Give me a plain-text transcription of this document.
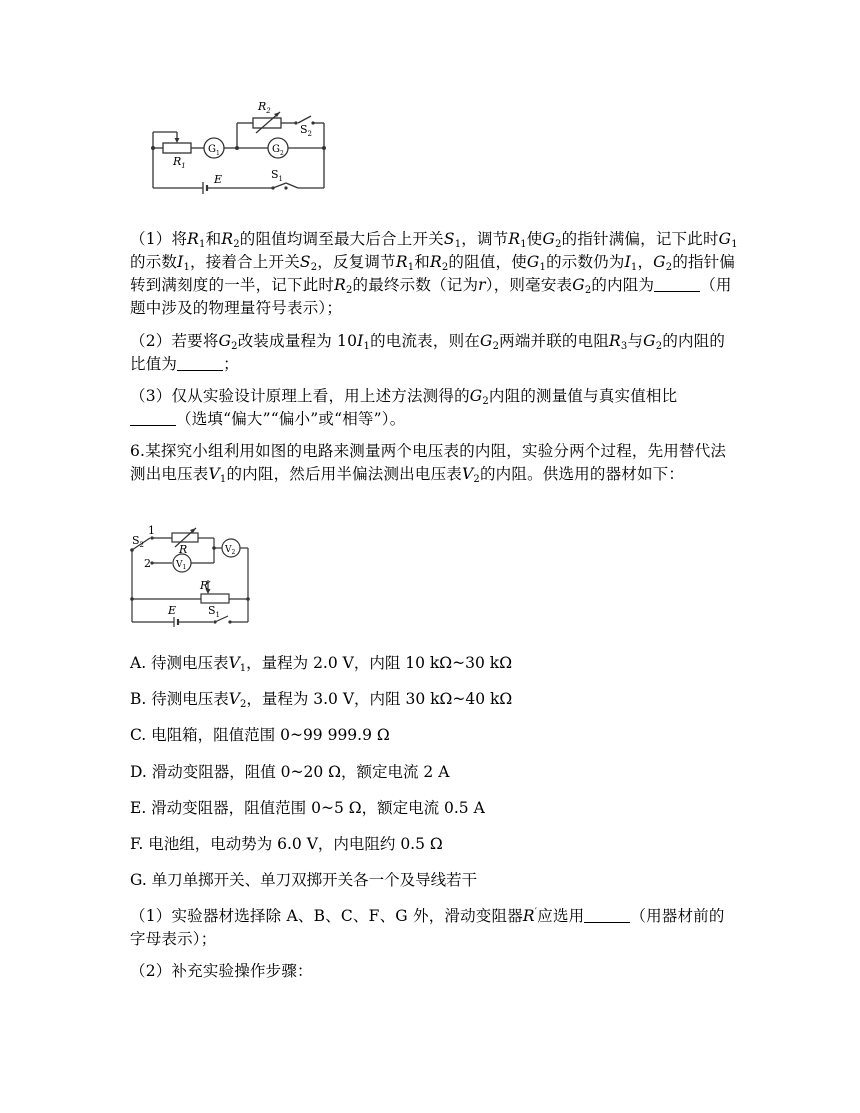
$R_2$
$R_1$
E
$S_2$
$S_1$
$G_1$	$G_2$
（1）将$R_1$和$R_2$的阻值均调至最大后合上开关$S_1$，调节$R_1$使$G_2$的指针满偏，记下此时$G_1$的示数$I_1$，接着合上开关$S_2$，反复调节$R_1$和$R_2$的阻值，使$G_1$的示数仍为$I_1$，$G_2$的指针偏转到满刻度的一半，记下此时$R_2$的最终示数（记为r），则毫安表$G_2$的内阻为	（用题中涉及的物理量符号表示）；
（2）若要将$G_2$改装成量程为 $10I_1$的电流表，则在$G_2$两端并联的电阻$R_3$与$G_2$的内阻的比值为	；
（3）仅从实验设计原理上看，用上述方法测得的$G_2$内阻的测量值与真实值相比
（选填“偏大”“偏小”或“相等”）。
6.某探究小组利用如图的电路来测量两个电压表的内阻，实验分两个过程，先用替代法测出电压表$V_1$的内阻，然后用半偏法测出电压表$V_2$的内阻。供选用的器材如下：
$S_2$
1
2
R
$V_1$
$V_2$
R′
$S_1$
E
A. 待测电压表$V_1$，量程为 2.0 V，内阻 10 kΩ~30 kΩ
B. 待测电压表$V_2$，量程为 3.0 V，内阻 30 kΩ~40 kΩ
C. 电阻箱，阻值范围 0~99 999.9 Ω
D. 滑动变阻器，阻值 0~20 Ω，额定电流 2 A
E. 滑动变阻器，阻值范围 0~5 Ω，额定电流 0.5 A
F. 电池组，电动势为 6.0 V，内电阻约 0.5 Ω
G. 单刀单掷开关、单刀双掷开关各一个及导线若干
（1）实验器材选择除 A、B、C、F、G 外，滑动变阻器R′应选用	（用器材前的字母表示）；
（2）补充实验操作步骤：
